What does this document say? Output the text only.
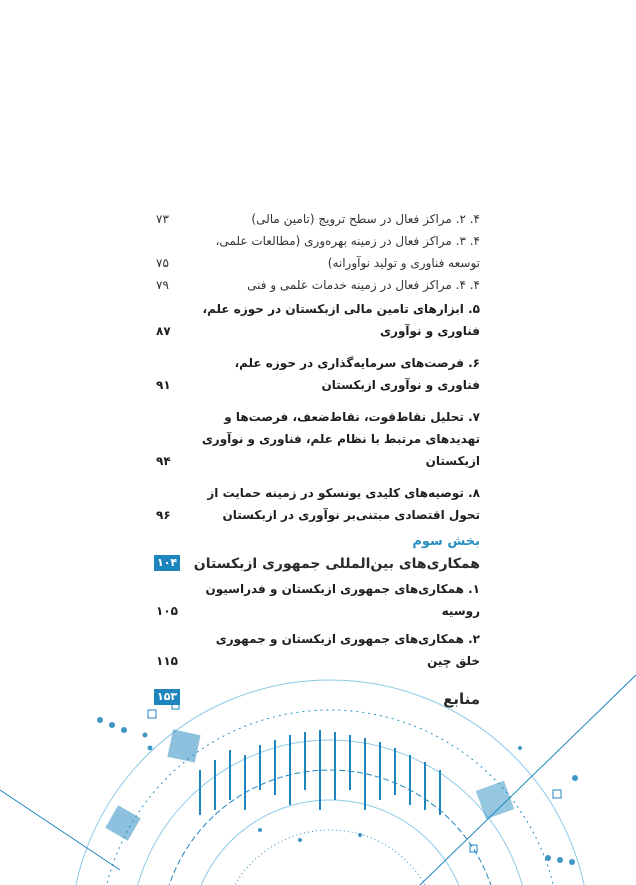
۴. ۲. مراکز فعال در سطح ترویج (تامین مالی)
۷۳
۴. ۳. مراکز فعال در زمینه بهره‌وری (مطالعات علمی، توسعه فناوری و تولید نوآورانه)
۷۵
۴. ۴. مراکز فعال در زمینه خدمات علمی و فنی
۷۹
۵. ابزارهای تامین مالی ازبکستان در حوزه علم، فناوری و نوآوری
۸۷
۶. فرصت‌های سرمایه‌گذاری در حوزه علم، فناوری و نوآوری ازبکستان
۹۱
۷. تحلیل نقاط‌قوت، نقاط‌ضعف، فرصت‌ها و تهدیدهای مرتبط با نظام علم، فناوری و نوآوری ازبکستان
۹۴
۸. توصیه‌های کلیدی یونسکو در زمینه حمایت از تحول اقتصادی مبتنی‌بر نوآوری در ازبکستان
۹۶
بخش سوم
همکاری‌های بین‌المللی جمهوری ازبکستان
۱۰۴
۱. همکاری‌های جمهوری ازبکستان و فدراسیون روسیه
۱۰۵
۲. همکاری‌های جمهوری ازبکستان و جمهوری خلق چین
۱۱۵
منابع
۱۵۳
